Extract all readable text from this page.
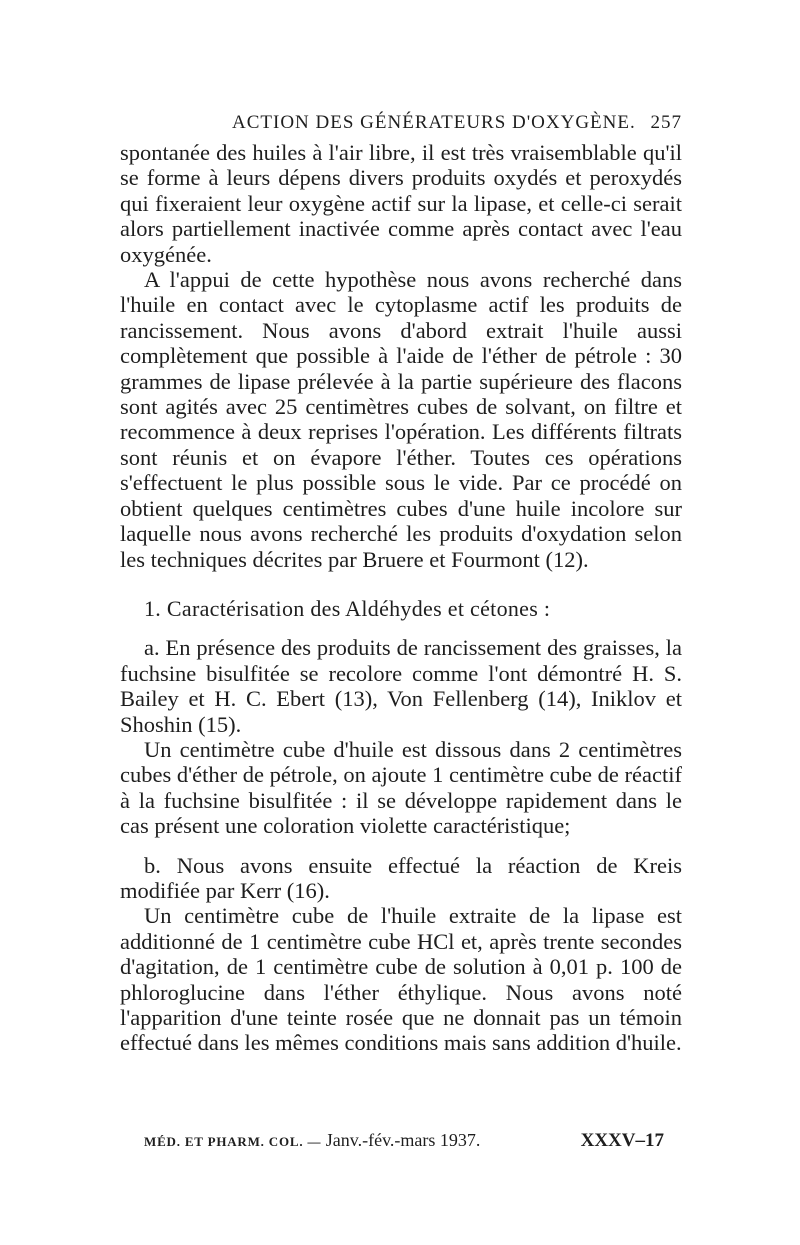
ACTION DES GÉNÉRATEURS D'OXYGÈNE. 257

spontanée des huiles à l'air libre, il est très vraisemblable qu'il se forme à leurs dépens divers produits oxydés et peroxydés qui fixeraient leur oxygène actif sur la lipase, et celle-ci serait alors partiellement inactivée comme après contact avec l'eau oxygénée.

A l'appui de cette hypothèse nous avons recherché dans l'huile en contact avec le cytoplasme actif les produits de rancissement. Nous avons d'abord extrait l'huile aussi complètement que possible à l'aide de l'éther de pétrole : 30 grammes de lipase prélevée à la partie supérieure des flacons sont agités avec 25 centimètres cubes de solvant, on filtre et recommence à deux reprises l'opération. Les différents filtrats sont réunis et on évapore l'éther. Toutes ces opérations s'effectuent le plus possible sous le vide. Par ce procédé on obtient quelques centimètres cubes d'une huile incolore sur laquelle nous avons recherché les produits d'oxydation selon les techniques décrites par Bruere et Fourmont (12).

1. Caractérisation des Aldéhydes et cétones :

a. En présence des produits de rancissement des graisses, la fuchsine bisulfitée se recolore comme l'ont démontré H. S. Bailey et H. C. Ebert (13), Von Fellenberg (14), Iniklov et Shoshin (15).

Un centimètre cube d'huile est dissous dans 2 centimètres cubes d'éther de pétrole, on ajoute 1 centimètre cube de réactif à la fuchsine bisulfitée : il se développe rapidement dans le cas présent une coloration violette caractéristique;

b. Nous avons ensuite effectué la réaction de Kreis modifiée par Kerr (16).

Un centimètre cube de l'huile extraite de la lipase est additionné de 1 centimètre cube HCl et, après trente secondes d'agitation, de 1 centimètre cube de solution à 0,01 p. 100 de phloroglucine dans l'éther éthylique. Nous avons noté l'apparition d'une teinte rosée que ne donnait pas un témoin effectué dans les mêmes conditions mais sans addition d'huile.

MÉD. ET PHARM. COL. — Janv.-fév.-mars 1937.	XXXV–17
